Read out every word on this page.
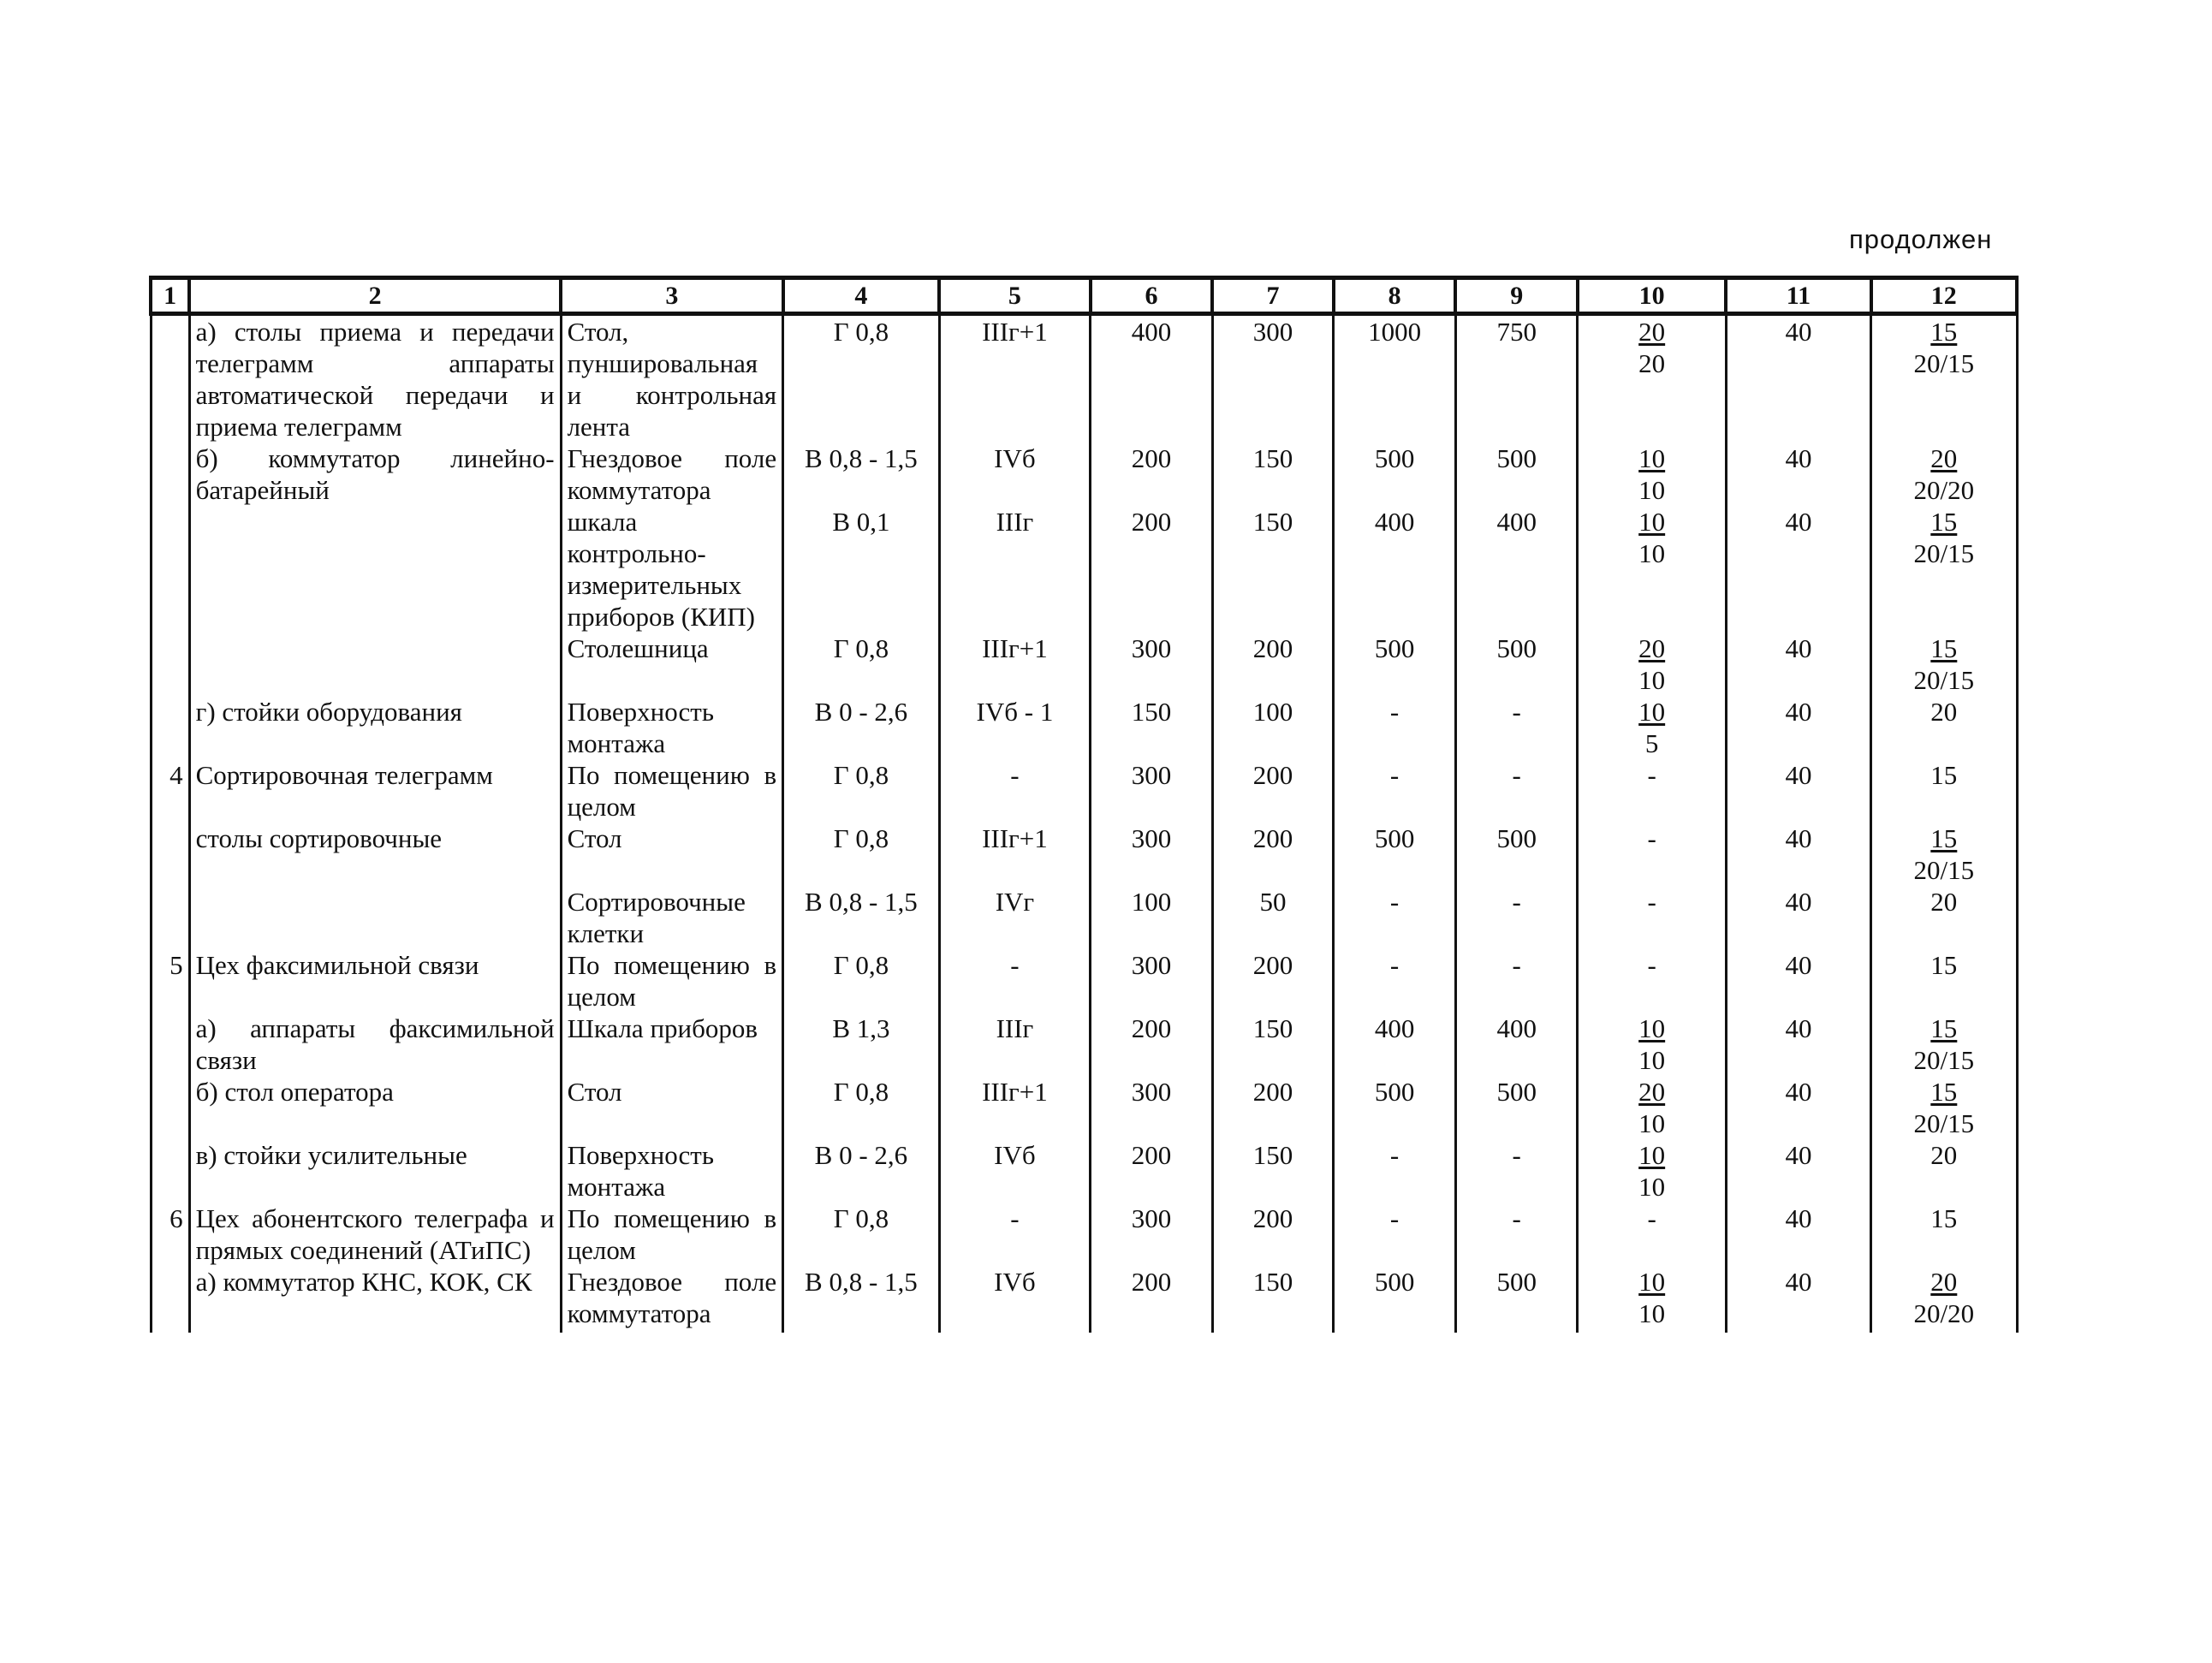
продолжен
1	2	3	4	5	6	7	8	9	10	11	12
	а) столы приема и передачи телеграмм аппараты автоматической передачи и приема телеграмм	Стол, пуншировальная и контрольная лента	Г 0,8	IIIг+1	400	300	1000	750	$\frac{20}{20}$	40	$\frac{15}{20/15}$

	б) коммутатор линейно-батарейный	Гнездовое поле коммутатора	В 0,8 - 1,5	IVб	200	150	500	500	$\frac{10}{10}$	40	$\frac{20}{20/20}$

		шкала контрольно-измерительных приборов (КИП)	В 0,1	IIIг	200	150	400	400	$\frac{10}{10}$	40	$\frac{15}{20/15}$

		Столешница	Г 0,8	IIIг+1	300	200	500	500	$\frac{20}{10}$	40	$\frac{15}{20/15}$

	г) стойки оборудования	Поверхность монтажа	В 0 - 2,6	IVб - 1	150	100	-	-	$\frac{10}{5}$	40	20
4	Сортировочная телеграмм	По помещению в целом	Г 0,8	-	300	200	-	-	-	40	15
	столы сортировочные	Стол	Г 0,8	IIIг+1	300	200	500	500	-	40	$\frac{15}{20/15}$

		Сортировочные клетки	В 0,8 - 1,5	IVг	100	50	-	-	-	40	20
5	Цех факсимильной связи	По помещению в целом	Г 0,8	-	300	200	-	-	-	40	15
	а) аппараты факсимильной связи	Шкала приборов	В 1,3	IIIг	200	150	400	400	$\frac{10}{10}$	40	$\frac{15}{20/15}$

	б) стол оператора	Стол	Г 0,8	IIIг+1	300	200	500	500	$\frac{20}{10}$	40	$\frac{15}{20/15}$

	в) стойки усилительные	Поверхность монтажа	В 0 - 2,6	IVб	200	150	-	-	$\frac{10}{10}$	40	20
6	Цех абонентского телеграфа и прямых соединений (АТиПС)	По помещению в целом	Г 0,8	-	300	200	-	-	-	40	15
	а) коммутатор КНС, КОК, СК	Гнездовое поле коммутатора	В 0,8 - 1,5	IVб	200	150	500	500	$\frac{10}{10}$	40	$\frac{20}{20/20}$
